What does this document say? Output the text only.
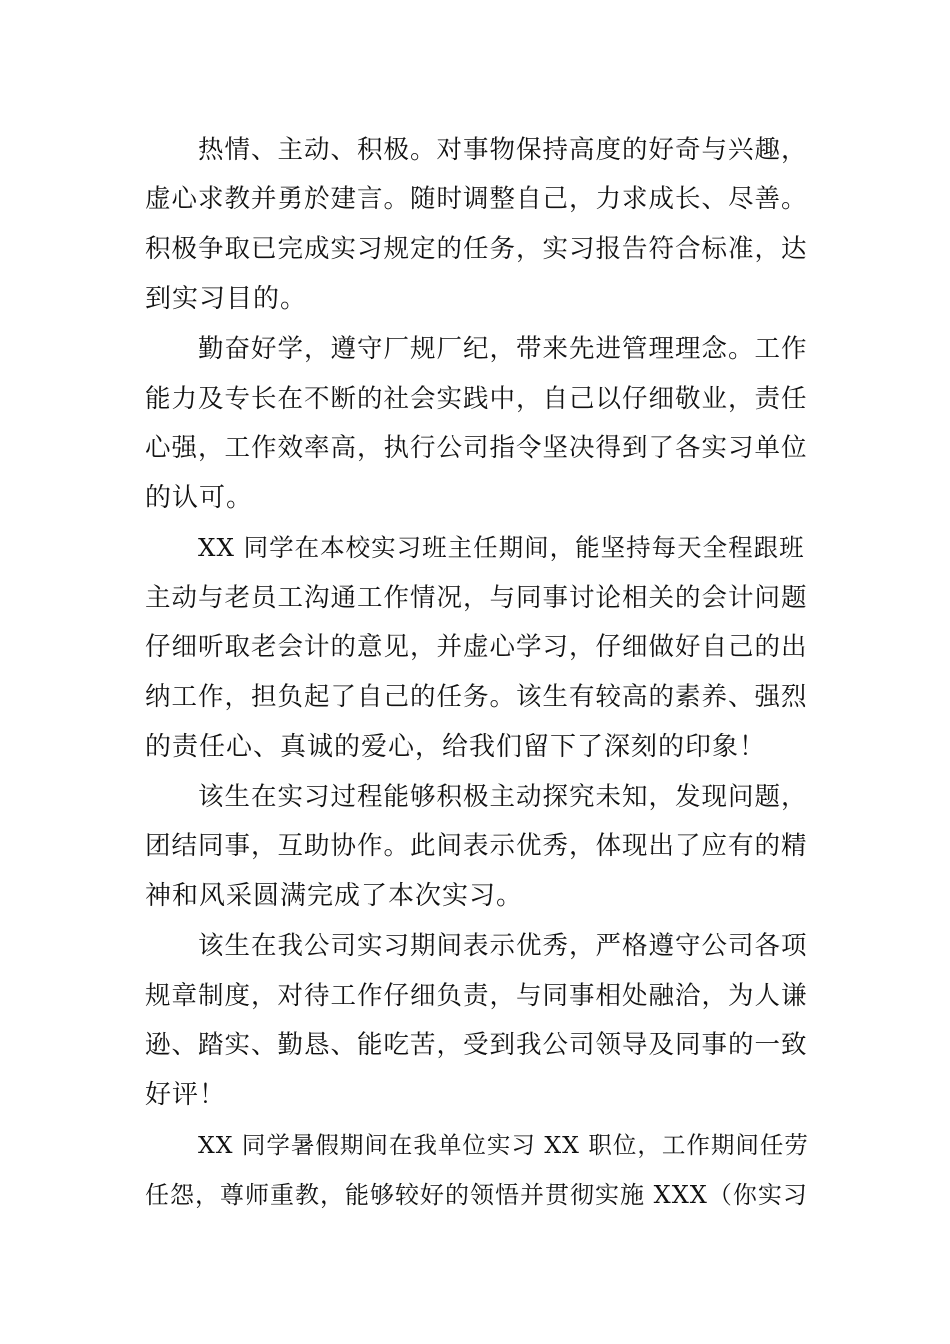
热情、主动、积极。对事物保持高度的好奇与兴趣，

虚心求教并勇於建言。随时调整自己，力求成长、尽善。

积极争取已完成实习规定的任务，实习报告符合标准，达

到实习目的。

勤奋好学，遵守厂规厂纪，带来先进管理理念。工作

能力及专长在不断的社会实践中，自己以仔细敬业，责任

心强，工作效率高，执行公司指令坚决得到了各实习单位

的认可。

XX 同学在本校实习班主任期间，能坚持每天全程跟班

主动与老员工沟通工作情况，与同事讨论相关的会计问题

仔细听取老会计的意见，并虚心学习，仔细做好自己的出

纳工作，担负起了自己的任务。该生有较高的素养、强烈

的责任心、真诚的爱心，给我们留下了深刻的印象！

该生在实习过程能够积极主动探究未知，发现问题，

团结同事，互助协作。此间表示优秀，体现出了应有的精

神和风采圆满完成了本次实习。

该生在我公司实习期间表示优秀，严格遵守公司各项

规章制度，对待工作仔细负责，与同事相处融洽，为人谦

逊、踏实、勤恳、能吃苦，受到我公司领导及同事的一致

好评！

XX 同学暑假期间在我单位实习 XX 职位，工作期间任劳

任怨，尊师重教，能够较好的领悟并贯彻实施 XXX（你实习
